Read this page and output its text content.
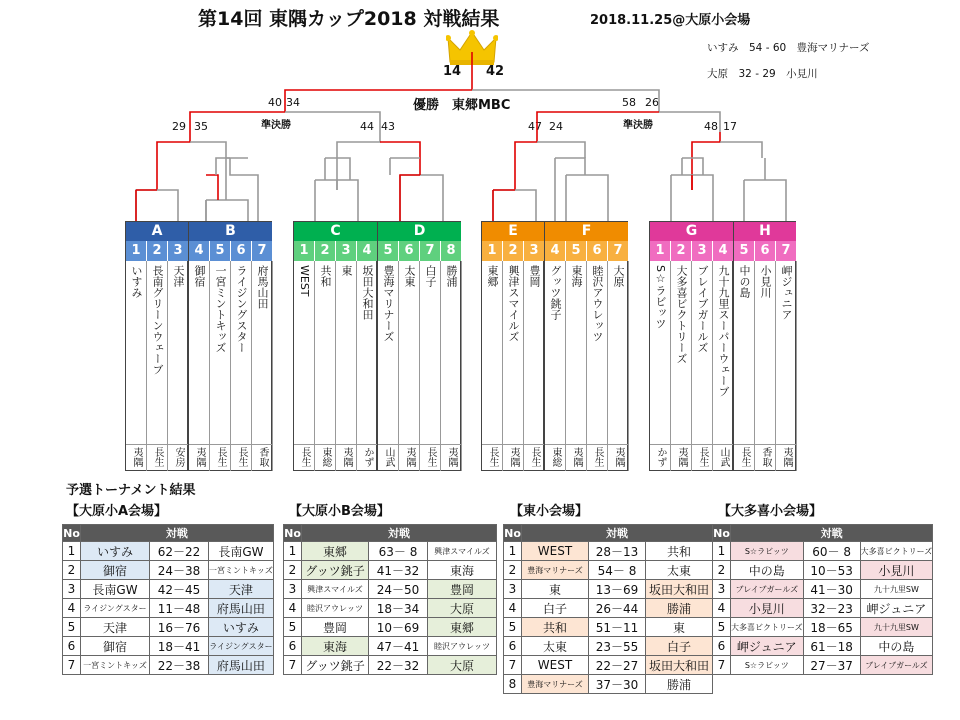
第14回 東隅カップ2018 対戦結果	2018.11.25@大原小会場
いすみ　54 - 60　豊海マリナーズ
大原　32 - 29　小見川
14 42
優勝　東郷MBC
40 34	58 26
準決勝	準決勝
29 35	44 43	47 24	48 17
A
1
いすみ
夷隅
2
長南グリーンウェーブ
長生
3
天津
安房
B
4
御宿
夷隅
5
一宮ミントキッズ
長生
6
ライジングスター
長生
7
府馬山田
香取
C
1
WEST
長生
2
共和
東総
3
東
夷隅
4
坂田大和田
かず
D
5
豊海マリナーズ
山武
6
太東
夷隅
7
白子
長生
8
勝浦
夷隅
E
1
東郷
長生
2
興津スマイルズ
夷隅
3
豊岡
長生
F
4
グッツ銚子
東総
5
東海
夷隅
6
睦沢アウレッツ
長生
7
大原
夷隅
G
1
S☆ラビッツ
かず
2
大多喜ビクトリーズ
夷隅
3
ブレイブガールズ
長生
4
九十九里スーパーウェーブ
山武
H
5
中の島
長生
6
小見川
香取
7
岬ジュニア
夷隅
予選トーナメント結果
【大原小A会場】
No	対戦		
1	いすみ	62－22	長南GW
2	御宿	24－38	一宮ミントキッズ
3	長南GW	42－45	天津
4	ライジングスター	11－48	府馬山田
5	天津	16－76	いすみ
6	御宿	18－41	ライジングスター
7	一宮ミントキッズ	22－38	府馬山田
【大原小B会場】
No	対戦		
1	東郷	63－ 8	興津スマイルズ
2	グッツ銚子	41－32	東海
3	興津スマイルズ	24－50	豊岡
4	睦沢アウレッツ	18－34	大原
5	豊岡	10－69	東郷
6	東海	47－41	睦沢アウレッツ
7	グッツ銚子	22－32	大原
【東小会場】
No	対戦		
1	WEST	28－13	共和
2	豊海マリナーズ	54－ 8	太東
3	東	13－69	坂田大和田
4	白子	26－44	勝浦
5	共和	51－11	東
6	太東	23－55	白子
7	WEST	22－27	坂田大和田
8	豊海マリナーズ	37－30	勝浦
【大多喜小会場】
No	対戦		
1	S☆ラビッツ	60－ 8	大多喜ビクトリーズ
2	中の島	10－53	小見川
3	ブレイブガールズ	41－30	九十九里SW
4	小見川	32－23	岬ジュニア
5	大多喜ビクトリーズ	18－65	九十九里SW
6	岬ジュニア	61－18	中の島
7	S☆ラビッツ	27－37	ブレイブガールズ
